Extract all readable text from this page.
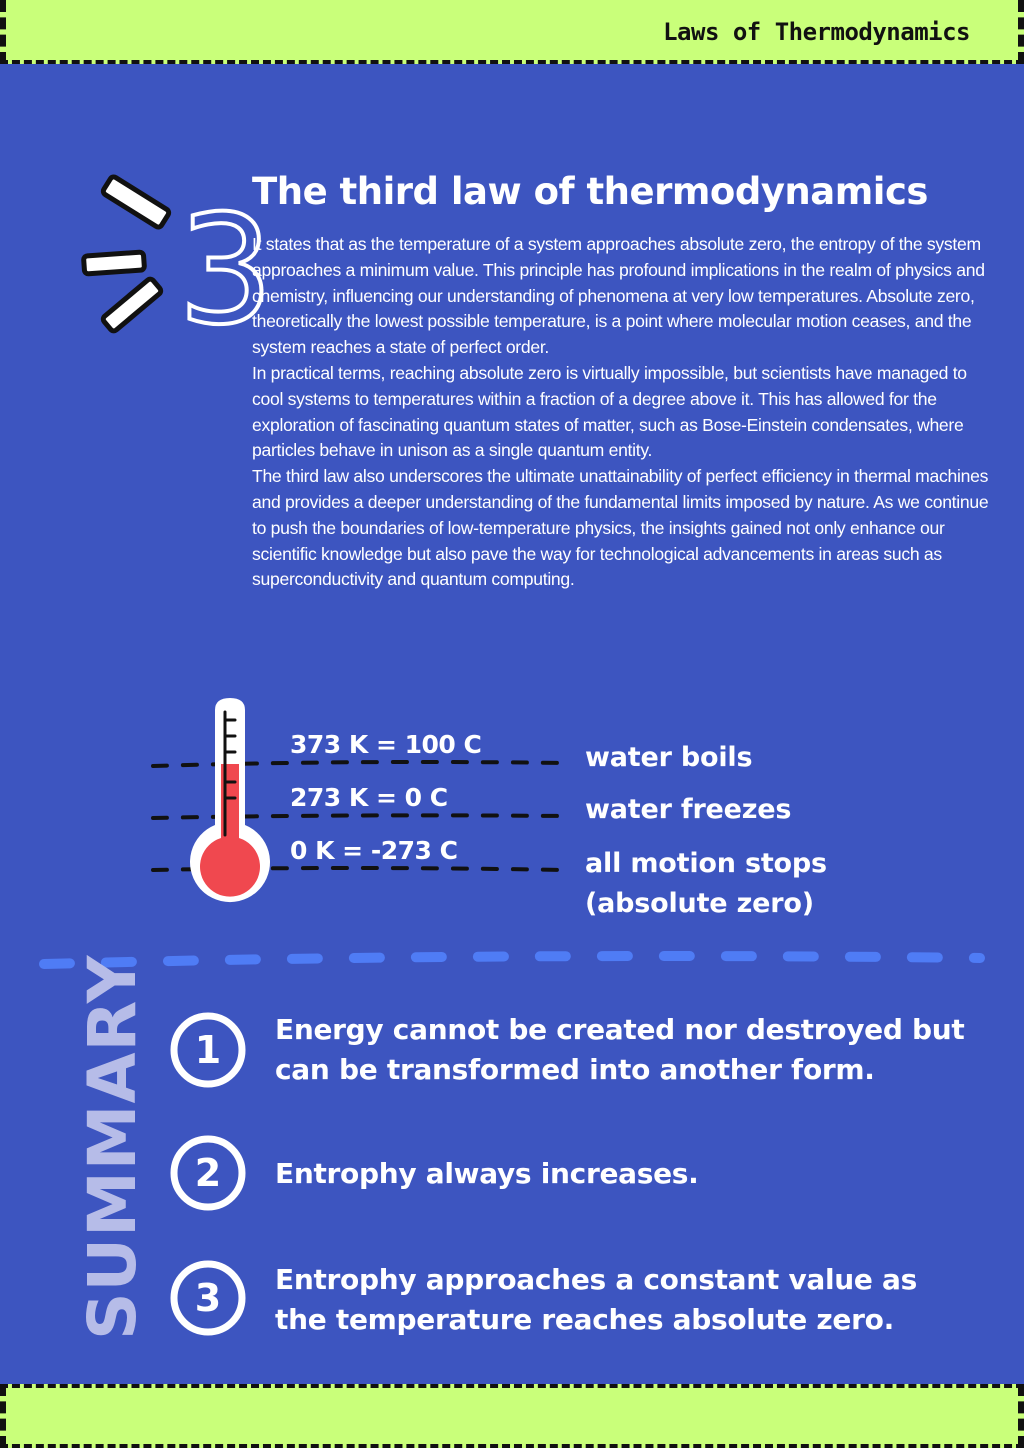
Laws of Thermodynamics
3
The third law of thermodynamics

It states that as the temperature of a system approaches absolute zero, the entropy of the system approaches a minimum value. This principle has profound implications in the realm of physics and chemistry, influencing our understanding of phenomena at very low temperatures. Absolute zero, theoretically the lowest possible temperature, is a point where molecular motion ceases, and the system reaches a state of perfect order.

In practical terms, reaching absolute zero is virtually impossible, but scientists have managed to cool systems to temperatures within a fraction of a degree above it. This has allowed for the exploration of fascinating quantum states of matter, such as Bose-Einstein condensates, where particles behave in unison as a single quantum entity.

The third law also underscores the ultimate unattainability of perfect efficiency in thermal machines and provides a deeper understanding of the fundamental limits imposed by nature. As we continue to push the boundaries of low-temperature physics, the insights gained not only enhance our scientific knowledge but also pave the way for technological advancements in areas such as superconductivity and quantum computing.

373 K = 100 C
273 K = 0 C
0 K = -273 C
water boils
water freezes
all motion stops
(absolute zero)
SUMMARY 1 Energy cannot be created nor destroyed but
can be transformed into another form.
2 Entrophy always increases.
3 Entrophy approaches a constant value as
the temperature reaches absolute zero.
